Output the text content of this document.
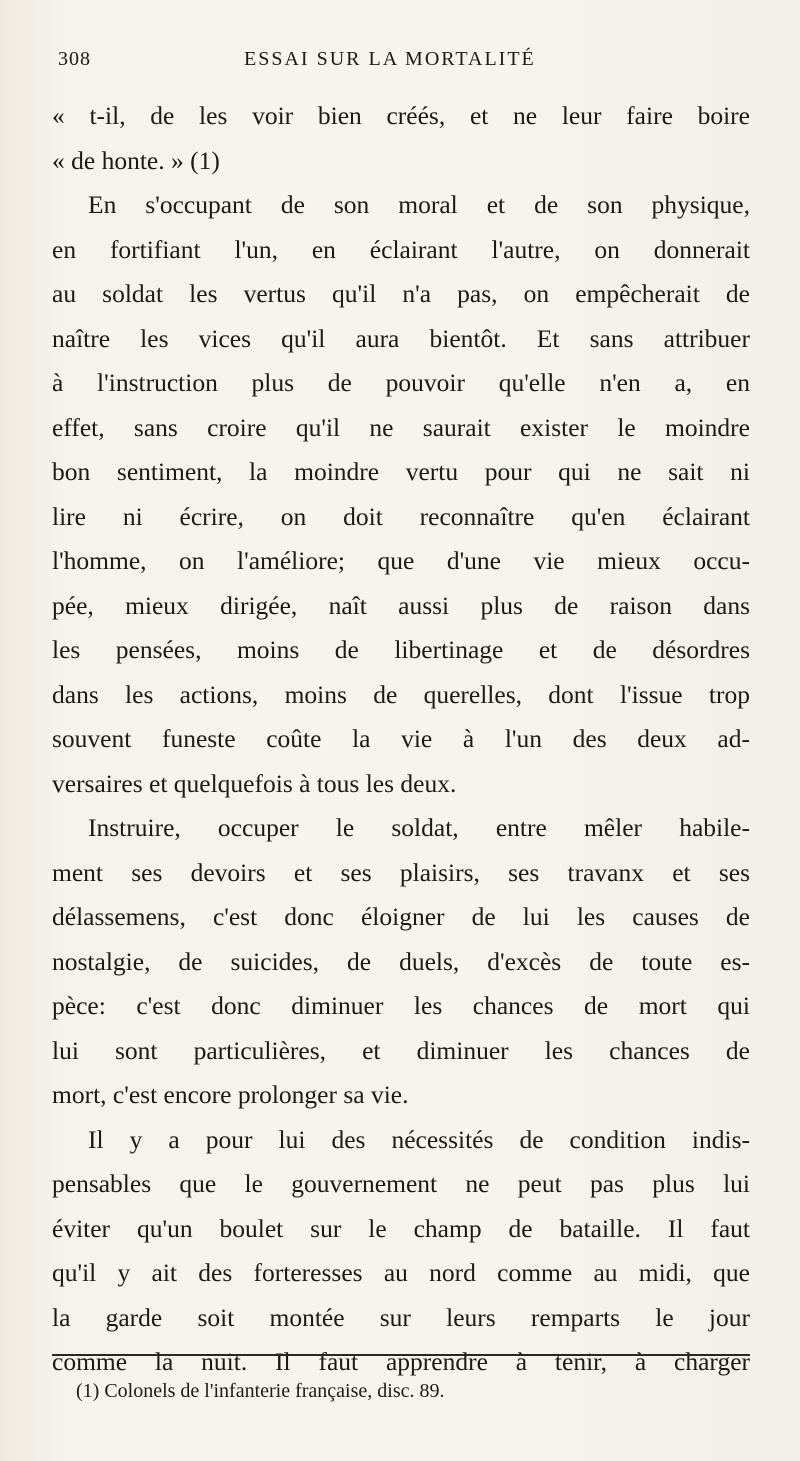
308	ESSAI SUR LA MORTALITÉ
« t-il, de les voir bien créés, et ne leur faire boire
« de honte. » (1)
En s'occupant de son moral et de son physique,
en fortifiant l'un, en éclairant l'autre, on donnerait
au soldat les vertus qu'il n'a pas, on empêcherait de
naître les vices qu'il aura bientôt. Et sans attribuer
à l'instruction plus de pouvoir qu'elle n'en a, en
effet, sans croire qu'il ne saurait exister le moindre
bon sentiment, la moindre vertu pour qui ne sait ni
lire ni écrire, on doit reconnaître qu'en éclairant
l'homme, on l'améliore; que d'une vie mieux occu-
pée, mieux dirigée, naît aussi plus de raison dans
les pensées, moins de libertinage et de désordres
dans les actions, moins de querelles, dont l'issue trop
souvent funeste coûte la vie à l'un des deux ad-
versaires et quelquefois à tous les deux.
Instruire, occuper le soldat, entre mêler habile-
ment ses devoirs et ses plaisirs, ses travanx et ses
délassemens, c'est donc éloigner de lui les causes de
nostalgie, de suicides, de duels, d'excès de toute es-
pèce: c'est donc diminuer les chances de mort qui
lui sont particulières, et diminuer les chances de
mort, c'est encore prolonger sa vie.
Il y a pour lui des nécessités de condition indis-
pensables que le gouvernement ne peut pas plus lui
éviter qu'un boulet sur le champ de bataille. Il faut
qu'il y ait des forteresses au nord comme au midi, que
la garde soit montée sur leurs remparts le jour
comme la nuit. Il faut apprendre à tenir, à charger
(1) Colonels de l'infanterie française, disc. 89.
